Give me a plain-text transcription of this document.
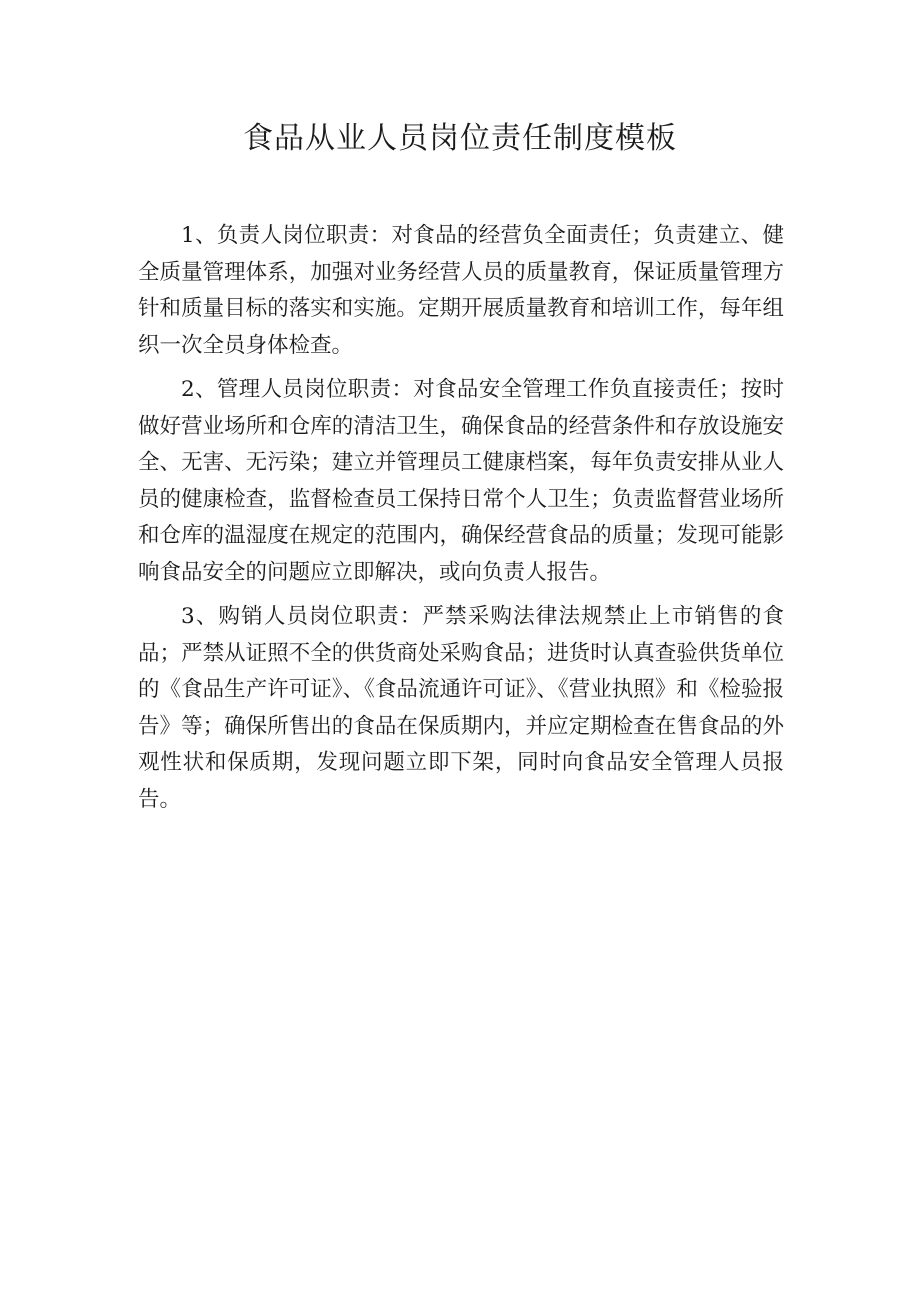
食品从业人员岗位责任制度模板

1、负责人岗位职责：对食品的经营负全面责任；负责建立、健全质量管理体系，加强对业务经营人员的质量教育，保证质量管理方针和质量目标的落实和实施。定期开展质量教育和培训工作，每年组织一次全员身体检查。

2、管理人员岗位职责：对食品安全管理工作负直接责任；按时做好营业场所和仓库的清洁卫生，确保食品的经营条件和存放设施安全、无害、无污染；建立并管理员工健康档案，每年负责安排从业人员的健康检查，监督检查员工保持日常个人卫生；负责监督营业场所和仓库的温湿度在规定的范围内，确保经营食品的质量；发现可能影响食品安全的问题应立即解决，或向负责人报告。

3、购销人员岗位职责：严禁采购法律法规禁止上市销售的食品；严禁从证照不全的供货商处采购食品；进货时认真查验供货单位的《食品生产许可证》、《食品流通许可证》、《营业执照》和《检验报告》等；确保所售出的食品在保质期内，并应定期检查在售食品的外观性状和保质期，发现问题立即下架，同时向食品安全管理人员报告。
